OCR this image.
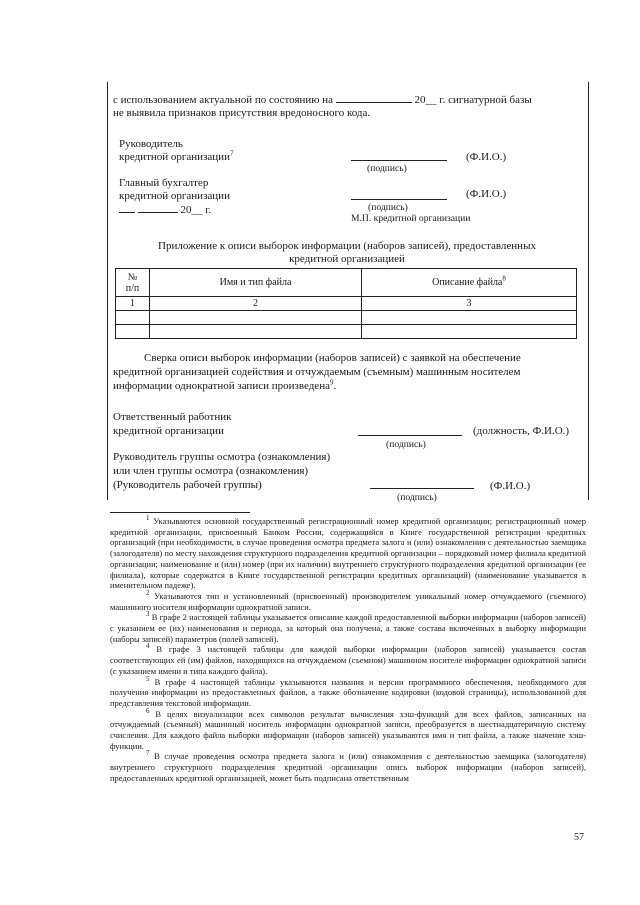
с использованием актуальной по состоянию на	20__ г. сигнатурной базы
не выявила признаков присутствия вредоносного кода.
Руководитель
кредитной организации$^7$
(подпись)
(Ф.И.О.)
Главный бухгалтер
кредитной организации
20__ г.	(подпись)
(Ф.И.О.)
М.П. кредитной организации
Приложение к описи выборок информации (наборов записей), предоставленных
кредитной организацией
№
п/п	Имя и тип файла	Описание файла$^8$
1	2	3

Сверка описи выборок информации (наборов записей) с заявкой на обеспечение
кредитной организацией содействия и отчуждаемым (съемным) машинным носителем
информации однократной записи произведена$^9$.
Ответственный работник
кредитной организации
(подпись)
(должность, Ф.И.О.)
Руководитель группы осмотра (ознакомления)
или член группы осмотра (ознакомления)
(Руководитель рабочей группы)
(подпись)
(Ф.И.О.)

$^1$ Указываются основной государственный регистрационный номер кредитной организации; регистрационный номер кредитной организации, присвоенный Банком России, содержащийся в Книге государственной регистрации кредитных организаций (при необходимости, в случае проведения осмотра предмета залога и (или) ознакомления с деятельностью заемщика (залогодателя) по месту нахождения структурного подразделения кредитной организации – порядковый номер филиала кредитной организации; наименование и (или) номер (при их наличии) внутреннего структурного подразделения кредитной организации (ее филиала), которые содержатся в Книге государственной регистрации кредитных организаций) (наименование указывается в именительном падеже).

$^2$ Указываются тип и установленный (присвоенный) производителем уникальный номер отчуждаемого (съемного) машинного носителя информации однократной записи.

$^3$ В графе 2 настоящей таблицы указывается описание каждой предоставленной выборки информации (наборов записей) с указанием ее (их) наименования и периода, за который она получена, а также состава включенных в выборку информации (наборы записей) параметров (полей записей).

$^4$ В графе 3 настоящей таблицы для каждой выборки информации (наборов записей) указывается состав соответствующих ей (им) файлов, находящихся на отчуждаемом (съемном) машинном носителе информации однократной записи (с указанием имени и типа каждого файла).

$^5$ В графе 4 настоящей таблицы указываются названия и версии программного обеспечения, необходимого для получения информации из предоставленных файлов, а также обозначение кодировки (кодовой страницы), использованной для представления текстовой информации.

$^6$ В целях визуализации всех символов результат вычисления хэш-функций для всех файлов, записанных на отчуждаемый (съемный) машинный носитель информации однократной записи, преобразуется в шестнадцатеричную систему счисления. Для каждого файла выборки информации (наборов записей) указываются имя и тип файла, а также значение хэш-функции.

$^7$ В случае проведения осмотра предмета залога и (или) ознакомления с деятельностью заемщика (залогодателя) внутреннего структурного подразделения кредитной организации опись выборок информации (наборов записей), предоставленных кредитной организацией, может быть подписана ответственным

57
